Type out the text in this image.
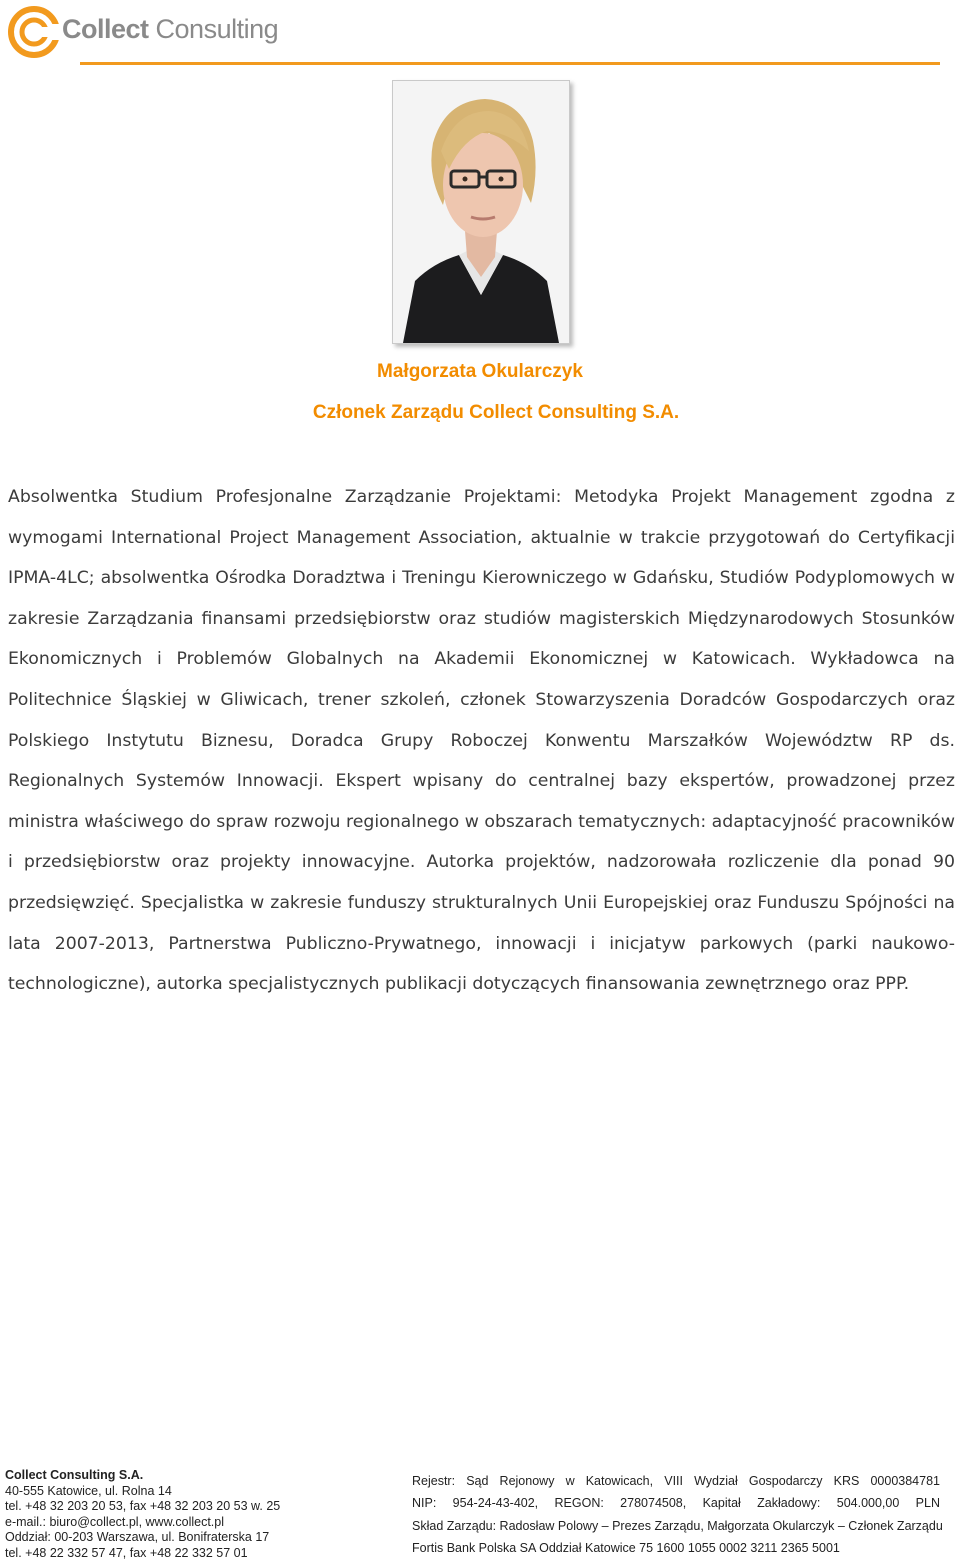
Collect Consulting
Małgorzata Okularczyk
Członek Zarządu Collect Consulting S.A.

Absolwentka Studium Profesjonalne Zarządzanie Projektami: Metodyka Projekt Management zgodna z wymogami International Project Management Association, aktualnie w trakcie przygotowań do Certyfikacji IPMA-4LC; absolwentka Ośrodka Doradztwa i Treningu Kierowniczego w Gdańsku, Studiów Podyplomowych w zakresie Zarządzania finansami przedsiębiorstw oraz studiów magisterskich Międzynarodowych Stosunków Ekonomicznych i Problemów Globalnych na Akademii Ekonomicznej w Katowicach. Wykładowca na Politechnice Śląskiej w Gliwicach, trener szkoleń, członek Stowarzyszenia Doradców Gospodarczych oraz Polskiego Instytutu Biznesu, Doradca Grupy Roboczej Konwentu Marszałków Województw RP ds. Regionalnych Systemów Innowacji. Ekspert wpisany do centralnej bazy ekspertów, prowadzonej przez ministra właściwego do spraw rozwoju regionalnego w obszarach tematycznych: adaptacyjność pracowników i przedsiębiorstw oraz projekty innowacyjne. Autorka projektów, nadzorowała rozliczenie dla ponad 90 przedsięwzięć. Specjalistka w zakresie funduszy strukturalnych Unii Europejskiej oraz Funduszu Spójności na lata 2007-2013, Partnerstwa Publiczno-Prywatnego, innowacji i inicjatyw parkowych (parki naukowo-technologiczne), autorka specjalistycznych publikacji dotyczących finansowania zewnętrznego oraz PPP.

Collect Consulting S.A.
40-555 Katowice, ul. Rolna 14
tel. +48 32 203 20 53, fax +48 32 203 20 53 w. 25
e-mail.: biuro@collect.pl, www.collect.pl
Oddział: 00-203 Warszawa, ul. Bonifraterska 17
tel. +48 22 332 57 47, fax +48 22 332 57 01
Rejestr: Sąd Rejonowy w Katowicach, VIII Wydział Gospodarczy KRS 0000384781
NIP: 954-24-43-402, REGON: 278074508, Kapitał Zakładowy: 504.000,00 PLN
Skład Zarządu: Radosław Polowy – Prezes Zarządu, Małgorzata Okularczyk – Członek Zarządu
Fortis Bank Polska SA Oddział Katowice 75 1600 1055 0002 3211 2365 5001
